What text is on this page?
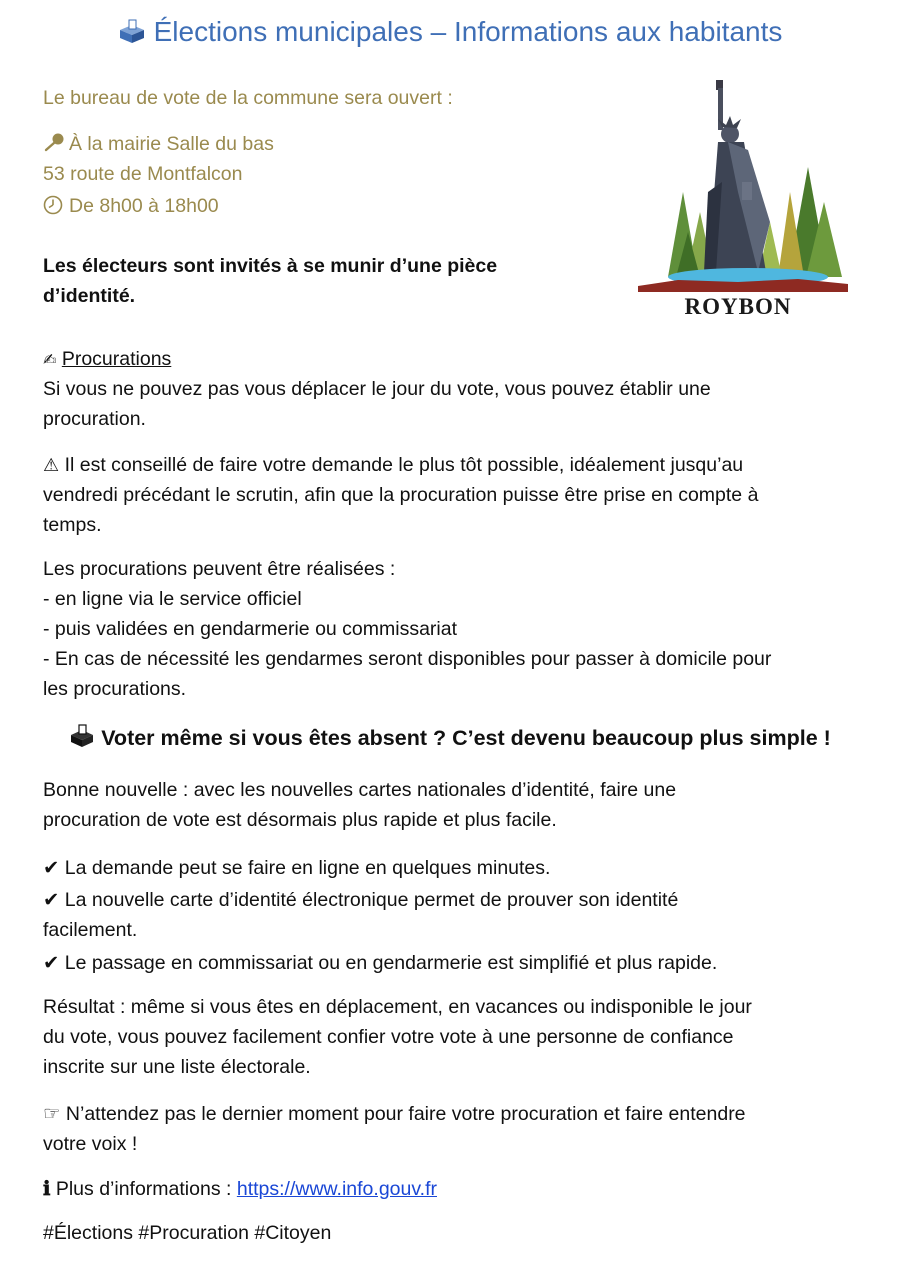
Élections municipales – Informations aux habitants
Le bureau de vote de la commune sera ouvert :
À la mairie Salle du bas
53 route de Montfalcon
De 8h00 à 18h00
Les électeurs sont invités à se munir d’une pièce
d’identité.	ROYBON
✍ Procurations
Si vous ne pouvez pas vous déplacer le jour du vote, vous pouvez établir une
procuration.
⚠ Il est conseillé de faire votre demande le plus tôt possible, idéalement jusqu’au
vendredi précédant le scrutin, afin que la procuration puisse être prise en compte à
temps.
Les procurations peuvent être réalisées :
- en ligne via le service officiel
- puis validées en gendarmerie ou commissariat
- En cas de nécessité les gendarmes seront disponibles pour passer à domicile pour
les procurations.
Voter même si vous êtes absent ? C’est devenu beaucoup plus simple !
Bonne nouvelle : avec les nouvelles cartes nationales d’identité, faire une
procuration de vote est désormais plus rapide et plus facile.
✔ La demande peut se faire en ligne en quelques minutes.
✔ La nouvelle carte d’identité électronique permet de prouver son identité
facilement.
✔ Le passage en commissariat ou en gendarmerie est simplifié et plus rapide.
Résultat : même si vous êtes en déplacement, en vacances ou indisponible le jour
du vote, vous pouvez facilement confier votre vote à une personne de confiance
inscrite sur une liste électorale.
☞ N’attendez pas le dernier moment pour faire votre procuration et faire entendre
votre voix !
ℹ Plus d’informations : https://www.info.gouv.fr
#Élections #Procuration #Citoyen
